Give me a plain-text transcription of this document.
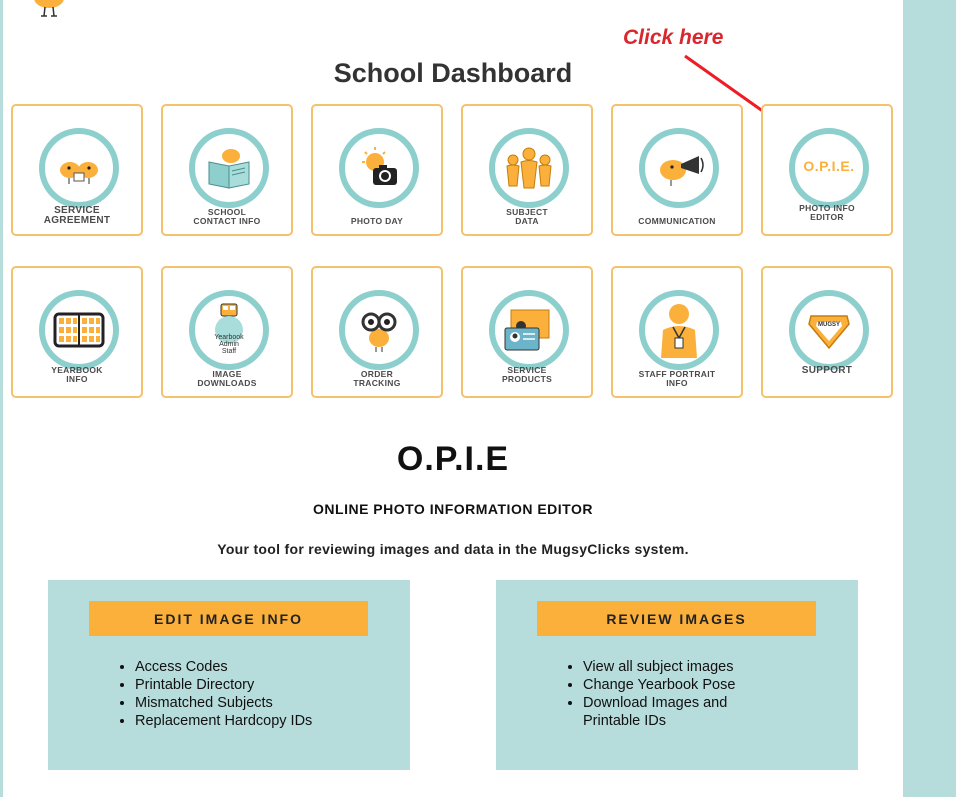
School Dashboard
Click here
SERVICE
AGREEMENT
SCHOOL
CONTACT INFO	PHOTO DAY
SUBJECT
DATA	COMMUNICATION
O.P.I.E.
PHOTO INFO
EDITOR
YEARBOOK
INFO
Yearbook
Admin
Staff
IMAGE
DOWNLOADS
ORDER
TRACKING
SERVICE
PRODUCTS	STAFF PORTRAIT
INFO
MUGSY
SUPPORT
O.P.I.E
ONLINE PHOTO INFORMATION EDITOR
Your tool for reviewing images and data in the MugsyClicks system.
EDIT IMAGE INFO
• Access Codes
• Printable Directory
• Mismatched Subjects
• Replacement Hardcopy IDs
REVIEW IMAGES
• View all subject images
• Change Yearbook Pose
• Download Images and Printable IDs
